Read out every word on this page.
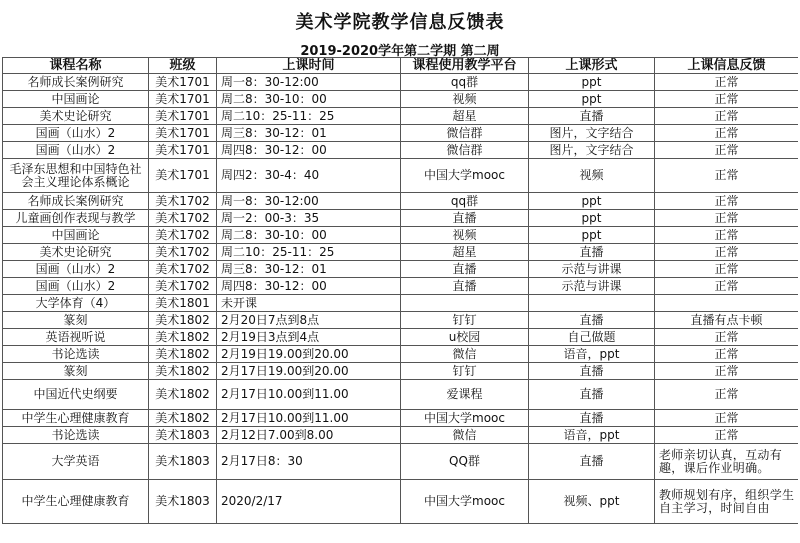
美术学院教学信息反馈表
2019-2020学年第二学期 第二周
课程名称	班级	上课时间	课程使用教学平台	上课形式	上课信息反馈
名师成长案例研究	美术1701	周一8：30-12:00	qq群	ppt	正常
中国画论	美术1701	周二8：30-10：00	视频	ppt	正常
美术史论研究	美术1701	周二10：25-11：25	超星	直播	正常
国画（山水）2	美术1701	周三8：30-12：01	微信群	图片，文字结合	正常
国画（山水）2	美术1701	周四8：30-12：00	微信群	图片，文字结合	正常
毛泽东思想和中国特色社会主义理论体系概论	美术1701	周四2：30-4：40	中国大学mooc	视频	正常
名师成长案例研究	美术1702	周一8：30-12:00	qq群	ppt	正常
儿童画创作表现与教学	美术1702	周一2：00-3：35	直播	ppt	正常
中国画论	美术1702	周二8：30-10：00	视频	ppt	正常
美术史论研究	美术1702	周二10：25-11：25	超星	直播	正常
国画（山水）2	美术1702	周三8：30-12：01	直播	示范与讲课	正常
国画（山水）2	美术1702	周四8：30-12：00	直播	示范与讲课	正常
大学体育（4）	美术1801	未开课			
篆刻	美术1802	2月20日7点到8点	钉钉	直播	直播有点卡顿
英语视听说	美术1802	2月19日3点到4点	u校园	自己做题	正常
书论选读	美术1802	2月19日19.00到20.00	微信	语音，ppt	正常
篆刻	美术1802	2月17日19.00到20.00	钉钉	直播	正常
中国近代史纲要	美术1802	2月17日10.00到11.00	爱课程	直播	正常
中学生心理健康教育	美术1802	2月17日10.00到11.00	中国大学mooc	直播	正常
书论选读	美术1803	2月12日7.00到8.00	微信	语音，ppt	正常
大学英语	美术1803	2月17日8：30	QQ群	直播	老师亲切认真，互动有趣，课后作业明确。
中学生心理健康教育	美术1803	2020/2/17	中国大学mooc	视频、ppt	教师规划有序，组织学生自主学习，时间自由
